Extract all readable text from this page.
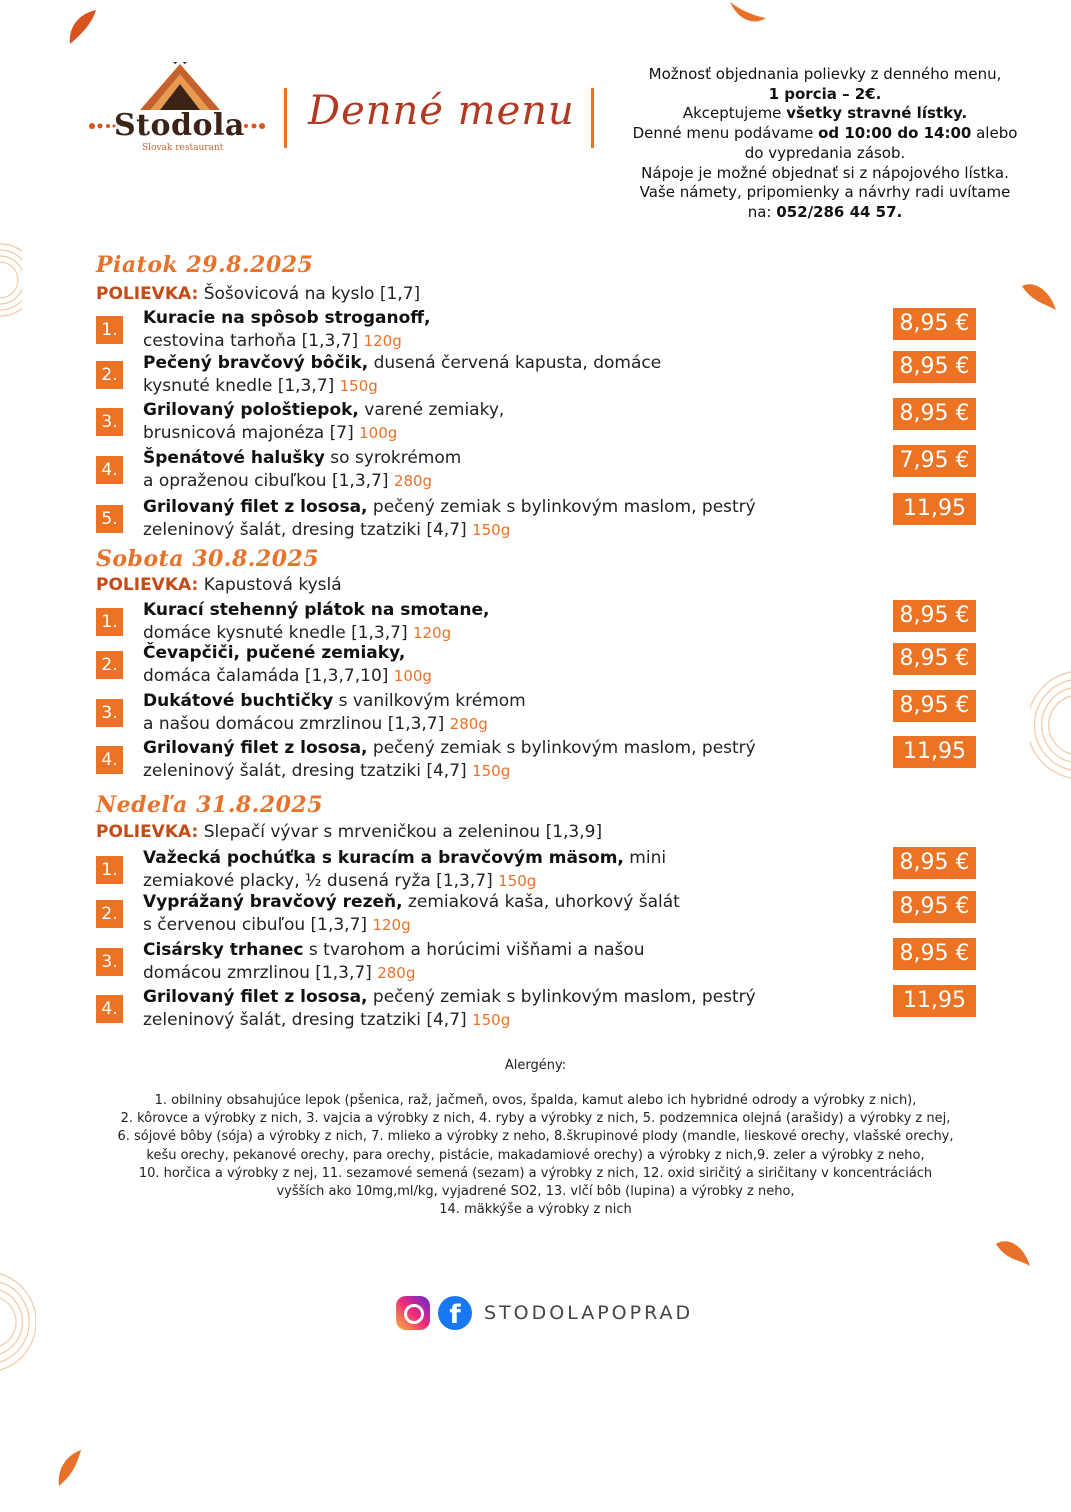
Stodola
Slovak restaurant
Denné menu
Možnosť objednania polievky z denného menu,
1 porcia – 2€.
Akceptujeme všetky stravné lístky.
Denné menu podávame od 10:00 do 14:00 alebo
do vypredania zásob.
Nápoje je možné objednať si z nápojového lístka.
Vaše námety, pripomienky a návrhy radi uvítame
na: 052/286 44 57.
Piatok 29.8.2025
POLIEVKA: Šošovicová na kyslo [1,7]
1.
Kuracie na spôsob stroganoff,
cestovina tarhoňa [1,3,7] 120g
8,95 €
2.
Pečený bravčový bôčik, dusená červená kapusta, domáce
kysnuté knedle [1,3,7] 150g
8,95 €
3.
Grilovaný pološtiepok, varené zemiaky,
brusnicová majonéza [7] 100g
8,95 €
4.
Špenátové halušky so syrokrémom
a opraženou cibuľkou [1,3,7] 280g
7,95 €
5.
Grilovaný filet z lososa, pečený zemiak s bylinkovým maslom, pestrý
zeleninový šalát, dresing tzatziki [4,7] 150g
11,95 €
Sobota 30.8.2025
POLIEVKA: Kapustová kyslá
1.
Kurací stehenný plátok na smotane,
domáce kysnuté knedle [1,3,7] 120g
8,95 €
2.
Čevapčiči, pučené zemiaky,
domáca čalamáda [1,3,7,10] 100g
8,95 €
3.
Dukátové buchtičky s vanilkovým krémom
a našou domácou zmrzlinou [1,3,7] 280g
8,95 €
4.
Grilovaný filet z lososa, pečený zemiak s bylinkovým maslom, pestrý
zeleninový šalát, dresing tzatziki [4,7] 150g
11,95 €
Nedeľa 31.8.2025
POLIEVKA: Slepačí vývar s mrveničkou a zeleninou [1,3,9]
1.
Važecká pochúťka s kuracím a bravčovým mäsom, mini
zemiakové placky, ½ dusená ryža [1,3,7] 150g
8,95 €
2.
Vyprážaný bravčový rezeň, zemiaková kaša, uhorkový šalát
s červenou cibuľou [1,3,7] 120g
8,95 €
3.
Cisársky trhanec s tvarohom a horúcimi višňami a našou
domácou zmrzlinou [1,3,7] 280g
8,95 €
4.
Grilovaný filet z lososa, pečený zemiak s bylinkovým maslom, pestrý
zeleninový šalát, dresing tzatziki [4,7] 150g
11,95 €
Alergény:
1. obilniny obsahujúce lepok (pšenica, raž, jačmeň, ovos, špalda, kamut alebo ich hybridné odrody a výrobky z nich),
2. kôrovce a výrobky z nich, 3. vajcia a výrobky z nich, 4. ryby a výrobky z nich, 5. podzemnica olejná (arašidy) a výrobky z nej,
6. sójové bôby (sója) a výrobky z nich, 7. mlieko a výrobky z neho, 8.škrupinové plody (mandle, lieskové orechy, vlašské orechy,
kešu orechy, pekanové orechy, para orechy, pistácie, makadamiové orechy) a výrobky z nich,9. zeler a výrobky z neho,
10. horčica a výrobky z nej, 11. sezamové semená (sezam) a výrobky z nich, 12. oxid siričitý a siričitany v koncentráciách
vyšších ako 10mg,ml/kg, vyjadrené SO2, 13. vlčí bôb (lupina) a výrobky z neho,
14. mäkkýše a výrobky z nich
f	STODOLAPOPRAD
